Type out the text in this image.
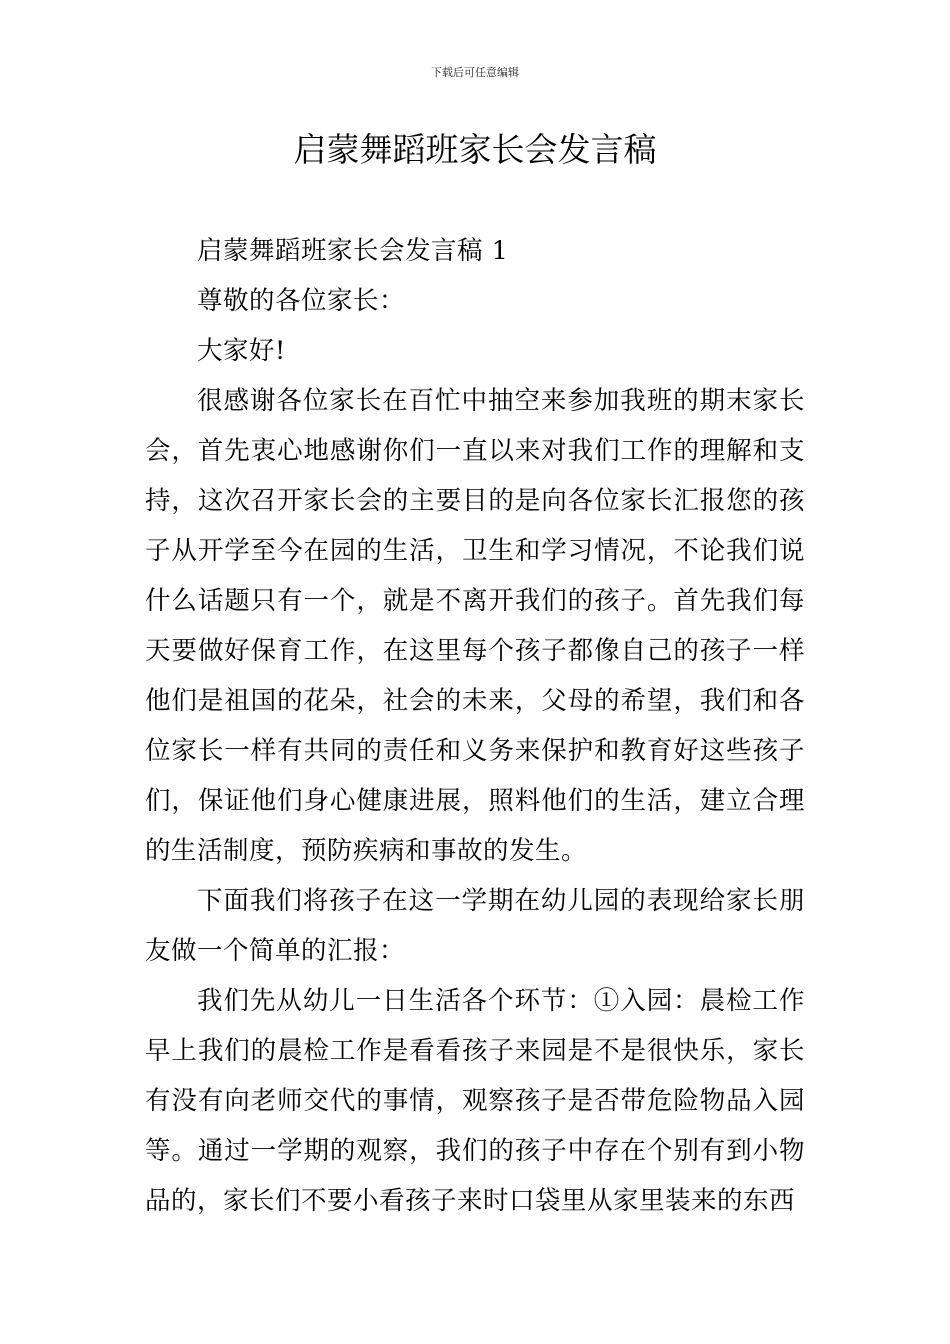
下载后可任意编辑
启蒙舞蹈班家长会发言稿

启蒙舞蹈班家长会发言稿 1

尊敬的各位家长：

大家好!

很感谢各位家长在百忙中抽空来参加我班的期末家长会，首先衷心地感谢你们一直以来对我们工作的理解和支持，这次召开家长会的主要目的是向各位家长汇报您的孩子从开学至今在园的生活，卫生和学习情况，不论我们说什么话题只有一个，就是不离开我们的孩子。首先我们每天要做好保育工作，在这里每个孩子都像自己的孩子一样他们是祖国的花朵，社会的未来，父母的希望，我们和各位家长一样有共同的责任和义务来保护和教育好这些孩子们，保证他们身心健康进展，照料他们的生活，建立合理的生活制度，预防疾病和事故的发生。

下面我们将孩子在这一学期在幼儿园的表现给家长朋友做一个简单的汇报：

我们先从幼儿一日生活各个环节：①入园：晨检工作早上我们的晨检工作是看看孩子来园是不是很快乐，家长有没有向老师交代的事情，观察孩子是否带危险物品入园等。通过一学期的观察，我们的孩子中存在个别有到小物品的，家长们不要小看孩子来时口袋里从家里装来的东西
